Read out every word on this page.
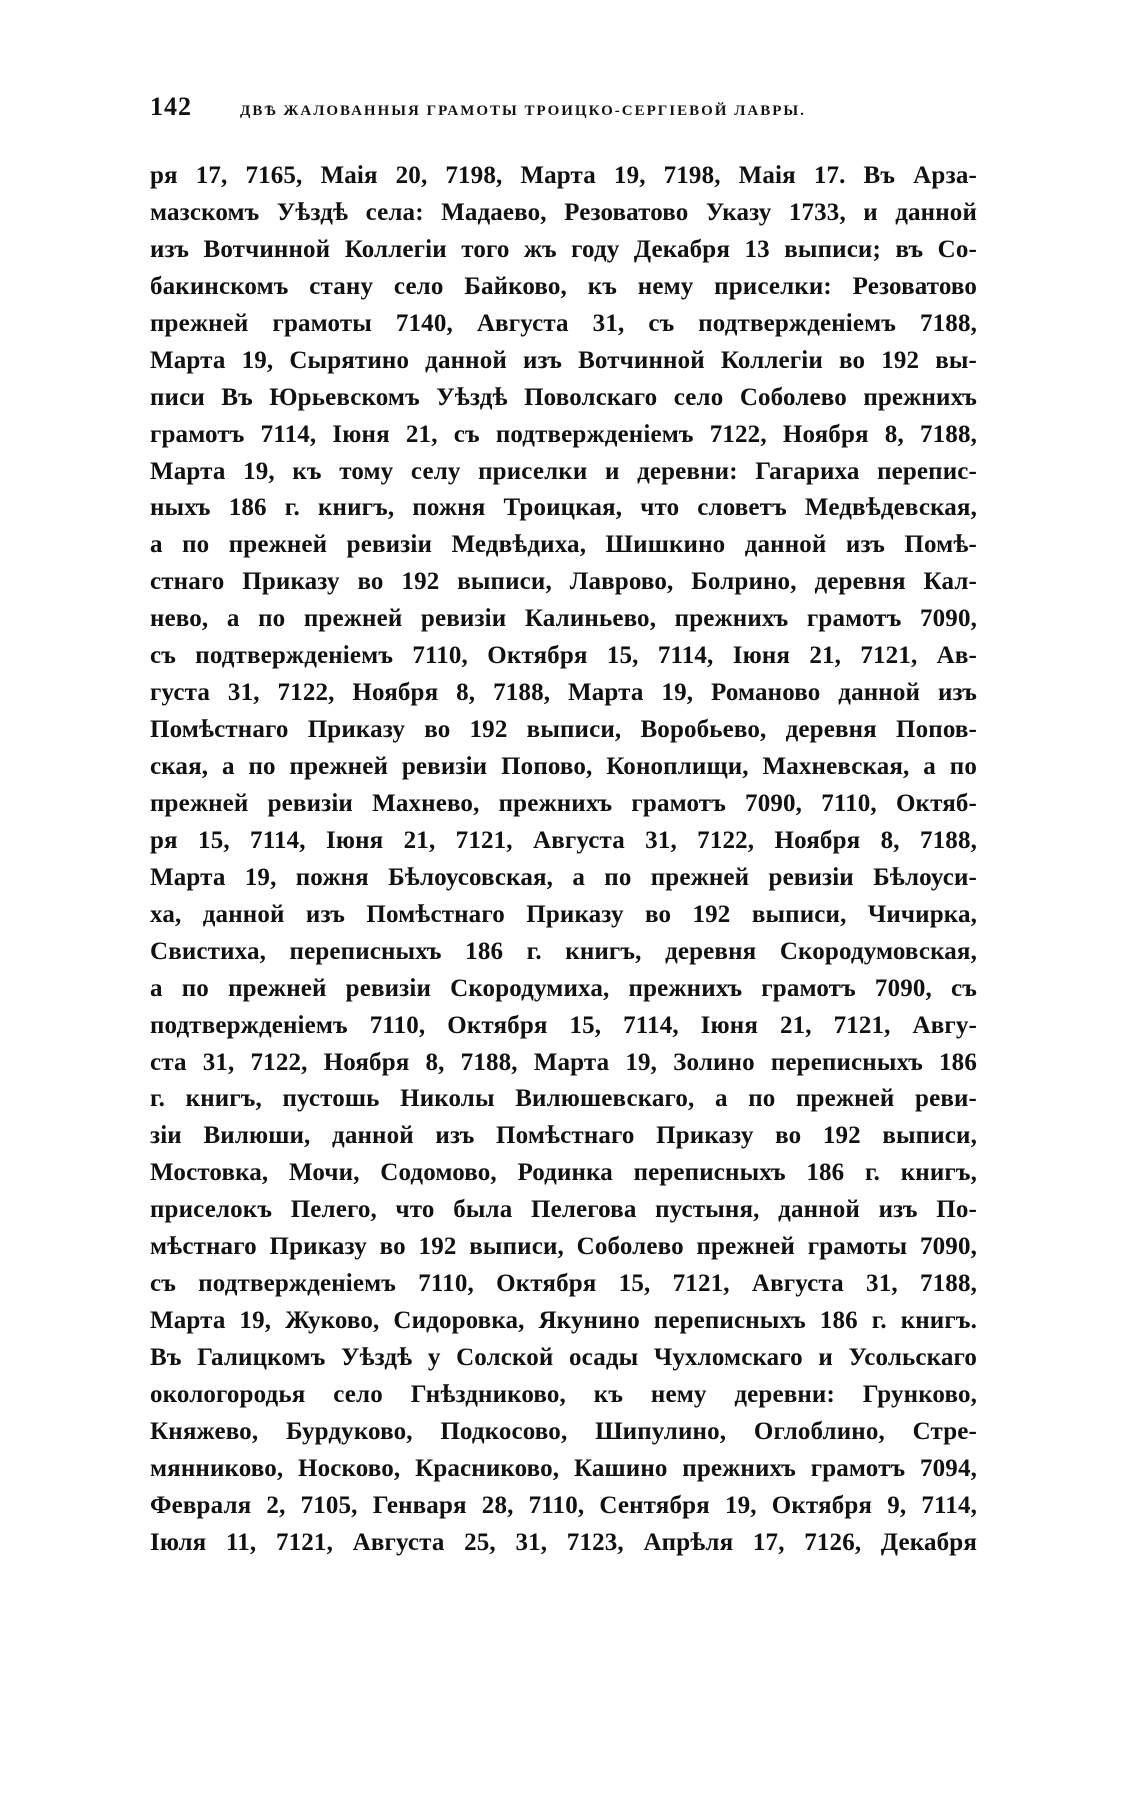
142	ДВѢ ЖАЛОВАННЫЯ ГРАМОТЫ ТРОИЦКО-СЕРГІЕВОЙ ЛАВРЫ.
ря 17, 7165, Маія 20, 7198, Марта 19, 7198, Маія 17. Въ Арза-
мазскомъ Уѣздѣ села: Мадаево, Резоватово Указу 1733, и данной
изъ Вотчинной Коллегіи того жъ году Декабря 13 выписи; въ Со-
бакинскомъ стану село Байково, къ нему приселки: Резоватово
прежней грамоты 7140, Августа 31, съ подтвержденіемъ 7188,
Марта 19, Сырятино данной изъ Вотчинной Коллегіи во 192 вы-
писи Въ Юрьевскомъ Уѣздѣ Поволскаго село Соболево прежнихъ
грамотъ 7114, Іюня 21, съ подтвержденіемъ 7122, Ноября 8, 7188,
Марта 19, къ тому селу приселки и деревни: Гагариха перепис-
ныхъ 186 г. книгъ, пожня Троицкая, что словетъ Медвѣдевская,
а по прежней ревизіи Медвѣдиха, Шишкино данной изъ Помѣ-
стнаго Приказу во 192 выписи, Лаврово, Болрино, деревня Кал-
нево, а по прежней ревизіи Калиньево, прежнихъ грамотъ 7090,
съ подтвержденіемъ 7110, Октября 15, 7114, Іюня 21, 7121, Ав-
густа 31, 7122, Ноября 8, 7188, Марта 19, Романово данной изъ
Помѣстнаго Приказу во 192 выписи, Воробьево, деревня Попов-
ская, а по прежней ревизіи Попово, Коноплищи, Махневская, а по
прежней ревизіи Махнево, прежнихъ грамотъ 7090, 7110, Октяб-
ря 15, 7114, Іюня 21, 7121, Августа 31, 7122, Ноября 8, 7188,
Марта 19, пожня Бѣлоусовская, а по прежней ревизіи Бѣлоуси-
ха, данной изъ Помѣстнаго Приказу во 192 выписи, Чичирка,
Свистиха, переписныхъ 186 г. книгъ, деревня Скородумовская,
а по прежней ревизіи Скородумиха, прежнихъ грамотъ 7090, съ
подтвержденіемъ 7110, Октября 15, 7114, Іюня 21, 7121, Авгу-
ста 31, 7122, Ноября 8, 7188, Марта 19, Золино переписныхъ 186
г. книгъ, пустошь Николы Вилюшевскаго, а по прежней реви-
зіи Вилюши, данной изъ Помѣстнаго Приказу во 192 выписи,
Мостовка, Мочи, Содомово, Родинка переписныхъ 186 г. книгъ,
приселокъ Пелего, что была Пелегова пустыня, данной изъ По-
мѣстнаго Приказу во 192 выписи, Соболево прежней грамоты 7090,
съ подтвержденіемъ 7110, Октября 15, 7121, Августа 31, 7188,
Марта 19, Жуково, Сидоровка, Якунино переписныхъ 186 г. книгъ.
Въ Галицкомъ Уѣздѣ у Солской осады Чухломскаго и Усольскаго
окологородья село Гнѣздниково, къ нему деревни: Грунково,
Княжево, Бурдуково, Подкосово, Шипулино, Оглоблино, Стре-
мянниково, Носково, Красниково, Кашино прежнихъ грамотъ 7094,
Февраля 2, 7105, Генваря 28, 7110, Сентября 19, Октября 9, 7114,
Іюля 11, 7121, Августа 25, 31, 7123, Апрѣля 17, 7126, Декабря
